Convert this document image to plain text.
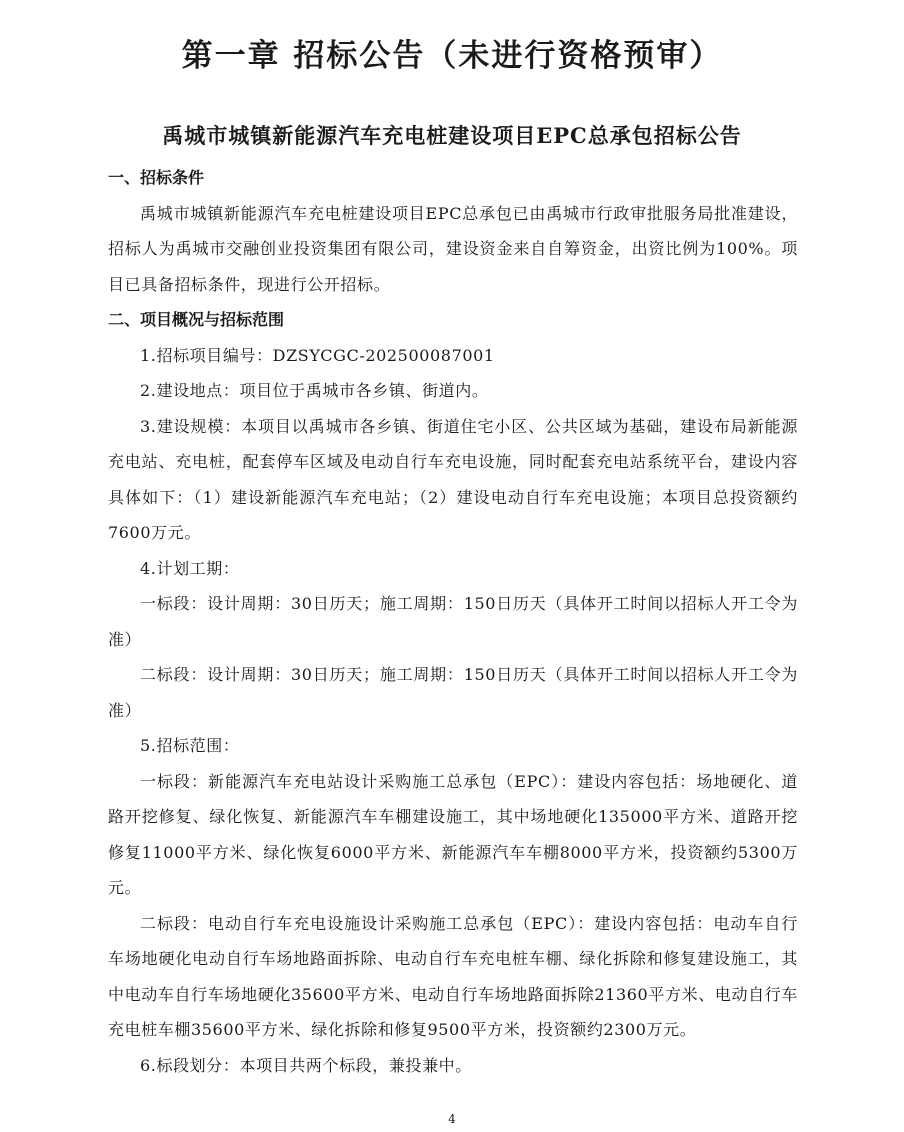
第一章 招标公告（未进行资格预审）
禹城市城镇新能源汽车充电桩建设项目EPC总承包招标公告

一、招标条件

禹城市城镇新能源汽车充电桩建设项目EPC总承包已由禹城市行政审批服务局批准建设，招标人为禹城市交融创业投资集团有限公司，建设资金来自自筹资金，出资比例为100%。项目已具备招标条件，现进行公开招标。

二、项目概况与招标范围

1.招标项目编号：DZSYCGC-202500087001

2.建设地点：项目位于禹城市各乡镇、街道内。

3.建设规模：本项目以禹城市各乡镇、街道住宅小区、公共区域为基础，建设布局新能源充电站、充电桩，配套停车区域及电动自行车充电设施，同时配套充电站系统平台，建设内容具体如下：（1）建设新能源汽车充电站；（2）建设电动自行车充电设施；本项目总投资额约7600万元。

4.计划工期：

一标段：设计周期：30日历天；施工周期：150日历天（具体开工时间以招标人开工令为准）

二标段：设计周期：30日历天；施工周期：150日历天（具体开工时间以招标人开工令为准）

5.招标范围：

一标段：新能源汽车充电站设计采购施工总承包（EPC）：建设内容包括：场地硬化、道路开挖修复、绿化恢复、新能源汽车车棚建设施工，其中场地硬化135000平方米、道路开挖修复11000平方米、绿化恢复6000平方米、新能源汽车车棚8000平方米，投资额约5300万元。

二标段：电动自行车充电设施设计采购施工总承包（EPC）：建设内容包括：电动车自行车场地硬化电动自行车场地路面拆除、电动自行车充电桩车棚、绿化拆除和修复建设施工，其中电动车自行车场地硬化35600平方米、电动自行车场地路面拆除21360平方米、电动自行车充电桩车棚35600平方米、绿化拆除和修复9500平方米，投资额约2300万元。

6.标段划分：本项目共两个标段，兼投兼中。

4
